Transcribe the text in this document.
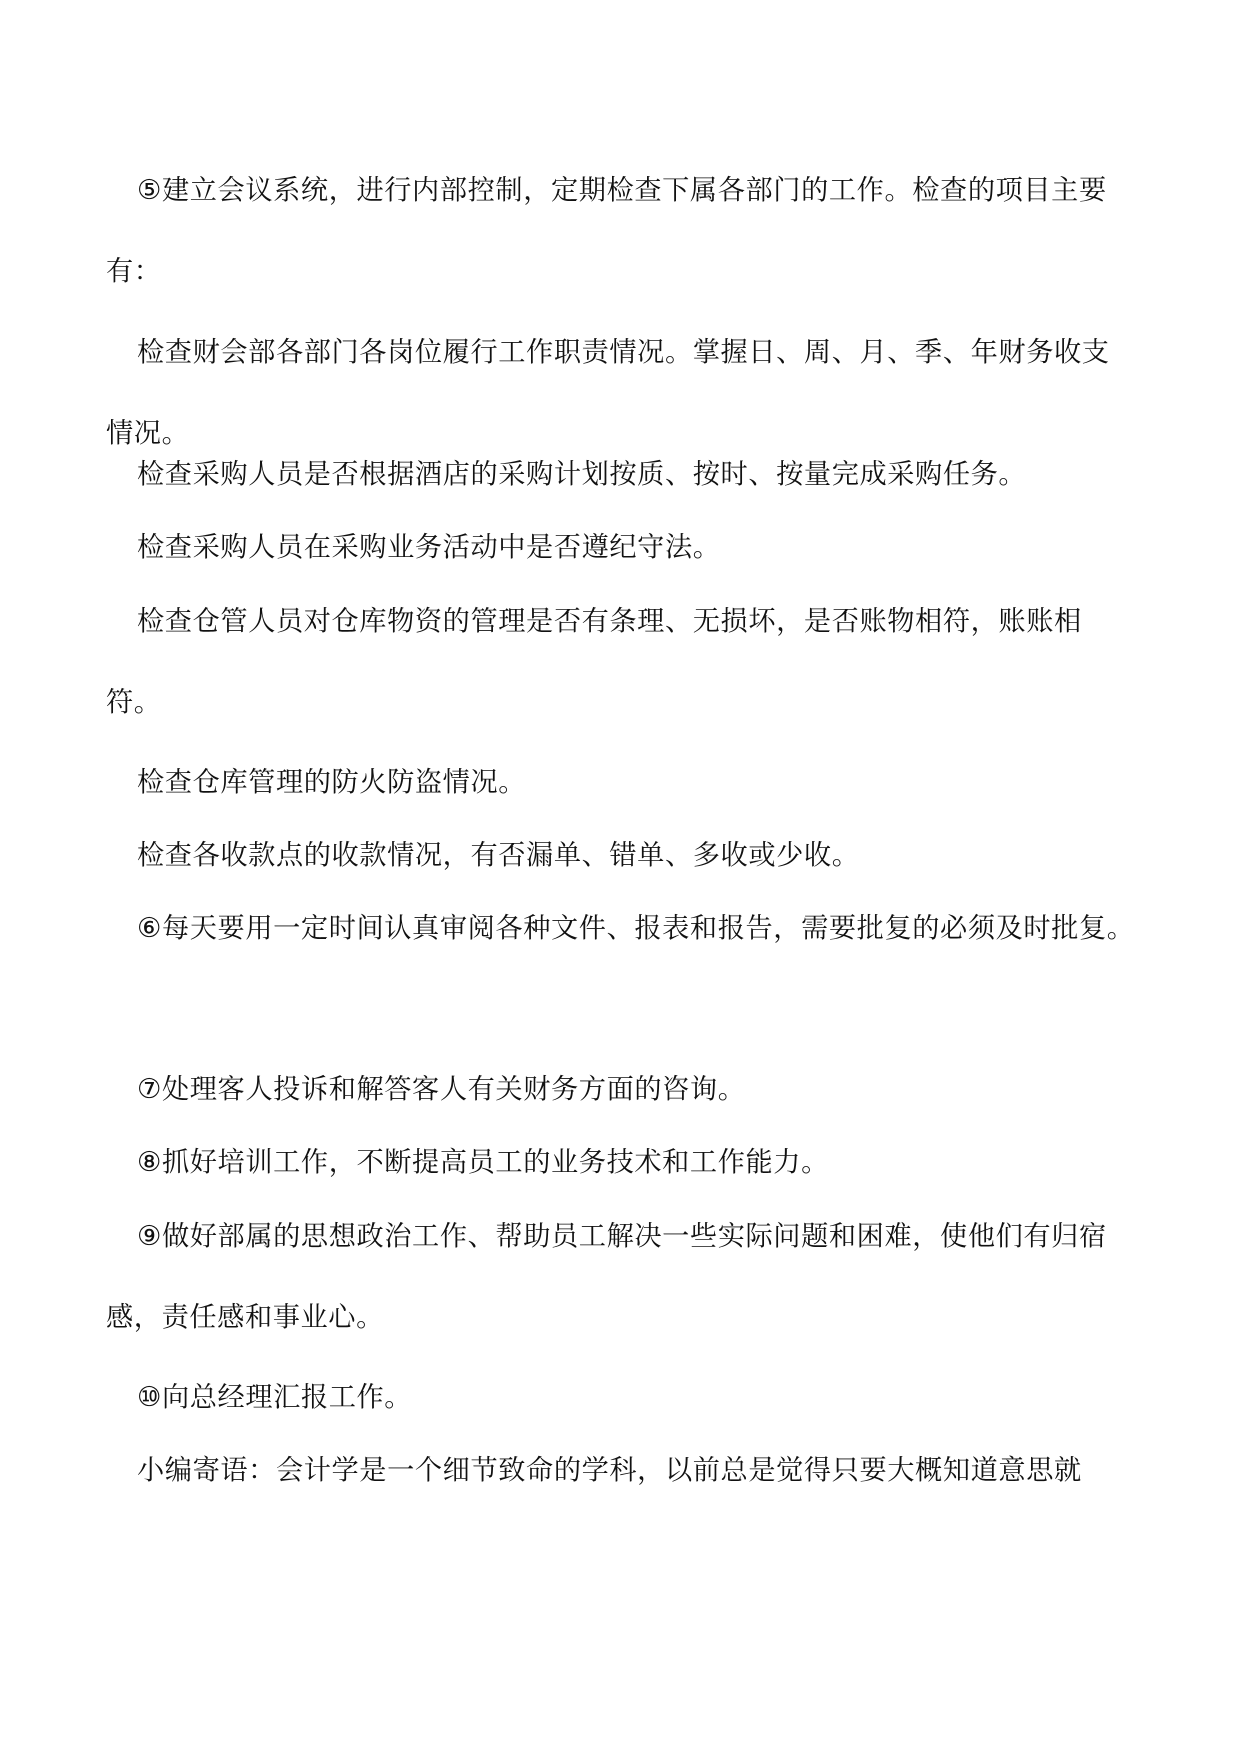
⑤建立会议系统，进行内部控制，定期检查下属各部门的工作。检查的项目主要有：

检查财会部各部门各岗位履行工作职责情况。掌握日、周、月、季、年财务收支情况。

检查采购人员是否根据酒店的采购计划按质、按时、按量完成采购任务。

检查采购人员在采购业务活动中是否遵纪守法。

检查仓管人员对仓库物资的管理是否有条理、无损坏，是否账物相符，账账相符。

检查仓库管理的防火防盗情况。

检查各收款点的收款情况，有否漏单、错单、多收或少收。

⑥每天要用一定时间认真审阅各种文件、报表和报告，需要批复的必须及时批复。

⑦处理客人投诉和解答客人有关财务方面的咨询。

⑧抓好培训工作，不断提高员工的业务技术和工作能力。

⑨做好部属的思想政治工作、帮助员工解决一些实际问题和困难，使他们有归宿感，责任感和事业心。

⑩向总经理汇报工作。

小编寄语：会计学是一个细节致命的学科，以前总是觉得只要大概知道意思就
